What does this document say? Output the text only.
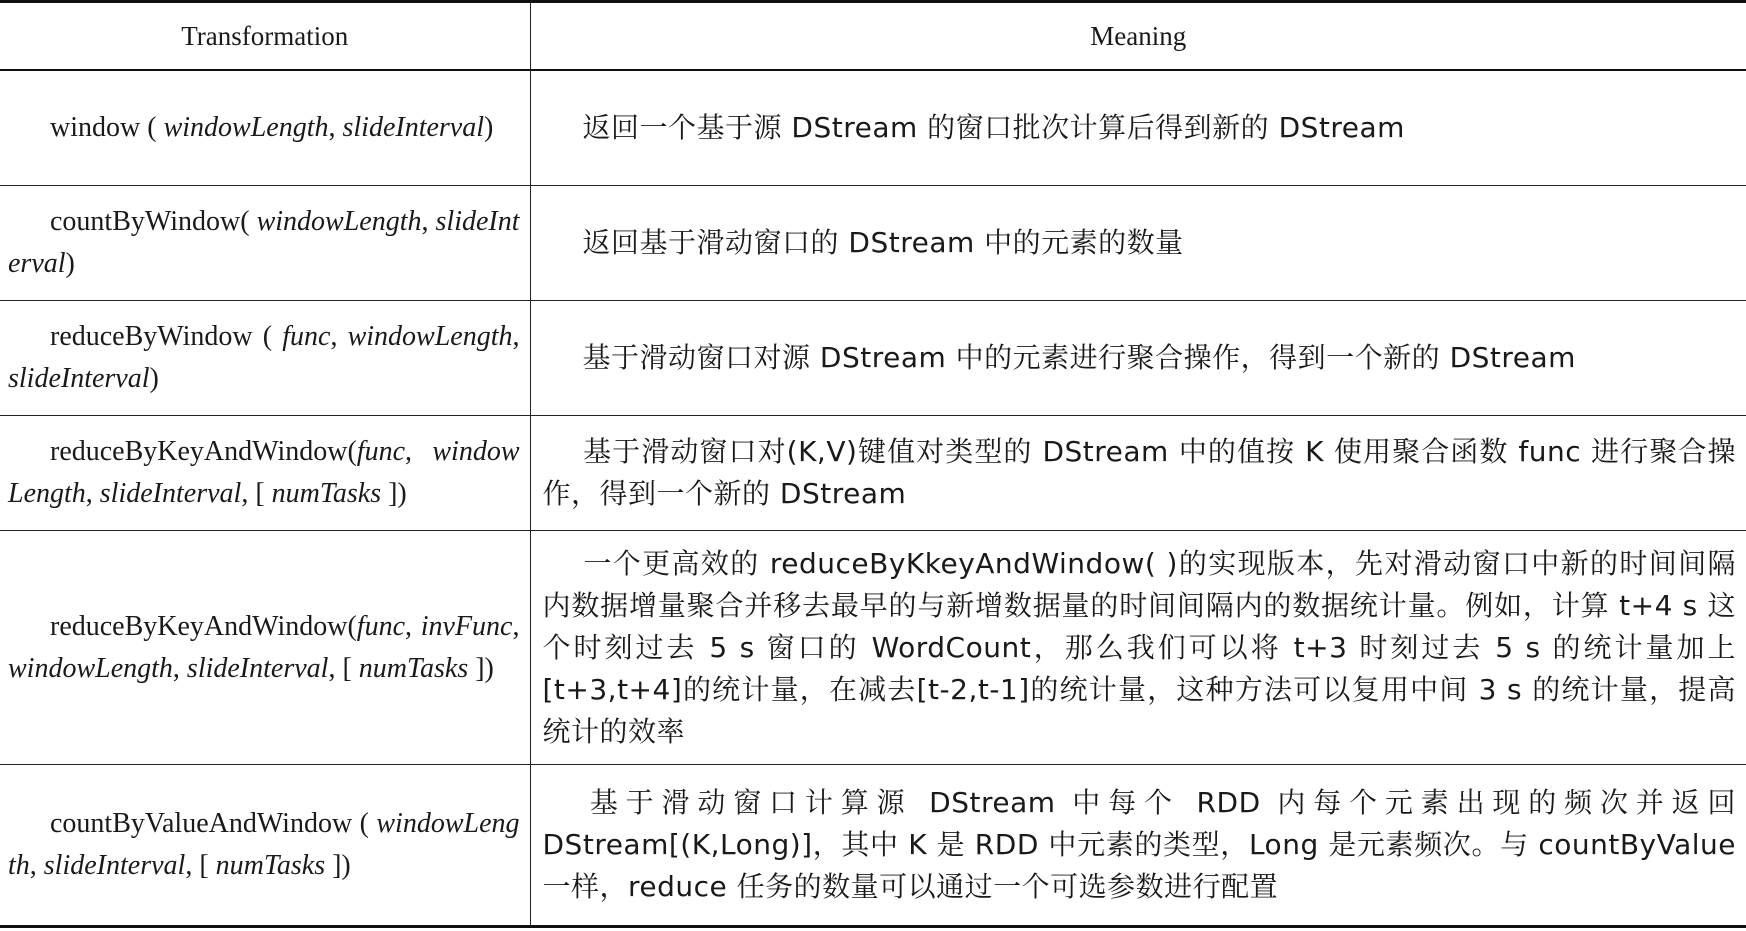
Transformation	Meaning
window ( windowLength, slideInterval)	返回一个基于源 DStream 的窗口批次计算后得到新的 DStream
countByWindow( windowLength, slideInterval)	返回基于滑动窗口的 DStream 中的元素的数量
reduceByWindow ( func, windowLength, slideInterval)	基于滑动窗口对源 DStream 中的元素进行聚合操作，得到一个新的 DStream
reduceByKeyAndWindow(func, windowLength, slideInterval, [ numTasks ])	基于滑动窗口对(K,V)键值对类型的 DStream 中的值按 K 使用聚合函数 func 进行聚合操作，得到一个新的 DStream
reduceByKeyAndWindow(func, invFunc, windowLength, slideInterval, [ numTasks ])	一个更高效的 reduceByKkeyAndWindow( )的实现版本，先对滑动窗口中新的时间间隔内数据增量聚合并移去最早的与新增数据量的时间间隔内的数据统计量。例如，计算 t+4 s 这个时刻过去 5 s 窗口的 WordCount，那么我们可以将 t+3 时刻过去 5 s 的统计量加上[t+3,t+4]的统计量，在减去[t-2,t-1]的统计量，这种方法可以复用中间 3 s 的统计量，提高统计的效率
countByValueAndWindow ( windowLength, slideInterval, [ numTasks ])	基于滑动窗口计算源 DStream 中每个 RDD 内每个元素出现的频次并返回 DStream[(K,Long)]，其中 K 是 RDD 中元素的类型，Long 是元素频次。与 countByValue 一样，reduce 任务的数量可以通过一个可选参数进行配置
